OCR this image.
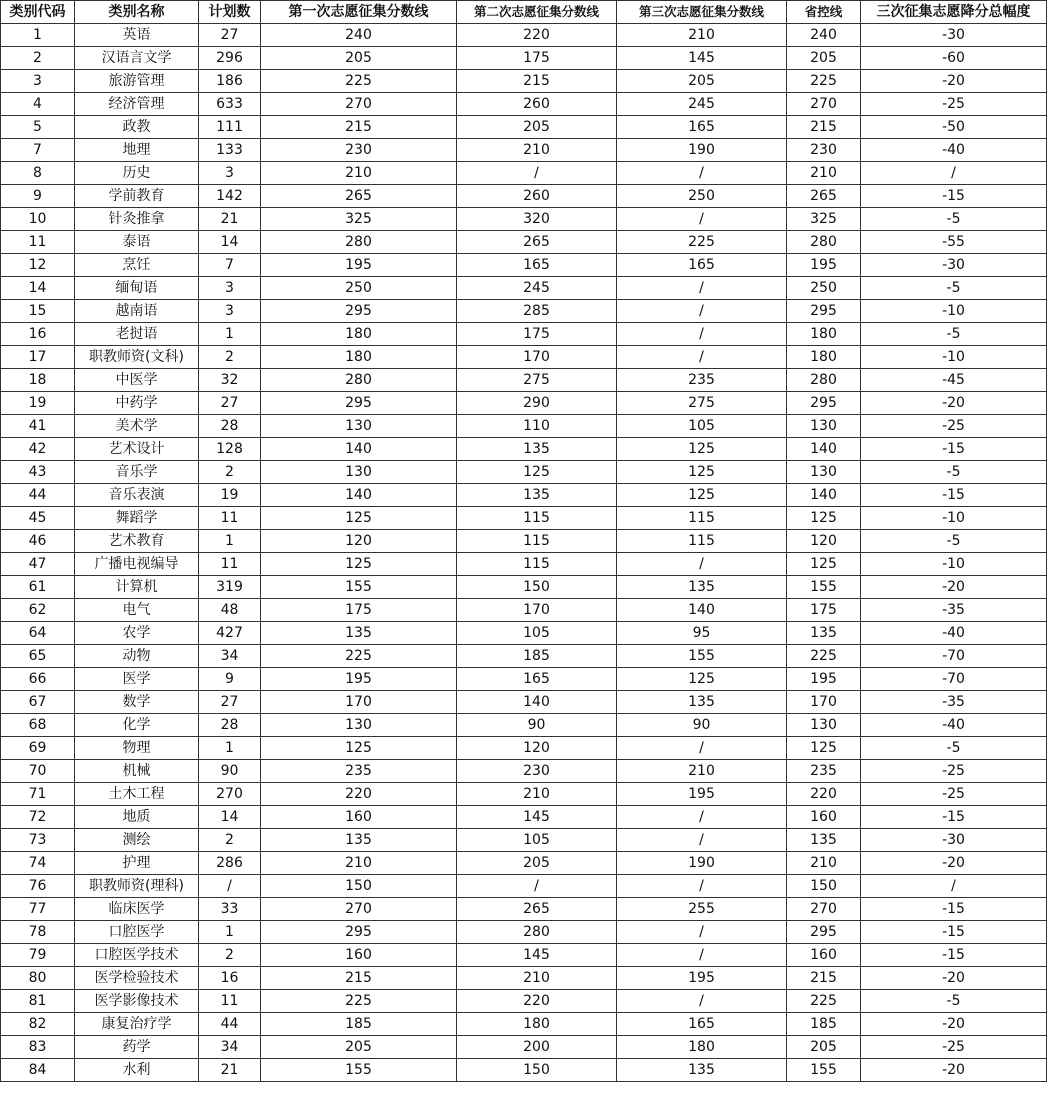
类别代码	类别名称	计划数	第一次志愿征集分数线	第二次志愿征集分数线	第三次志愿征集分数线	省控线	三次征集志愿降分总幅度
1	英语	27	240	220	210	240	-30
2	汉语言文学	296	205	175	145	205	-60
3	旅游管理	186	225	215	205	225	-20
4	经济管理	633	270	260	245	270	-25
5	政教	111	215	205	165	215	-50
7	地理	133	230	210	190	230	-40
8	历史	3	210	/	/	210	/
9	学前教育	142	265	260	250	265	-15
10	针灸推拿	21	325	320	/	325	-5
11	泰语	14	280	265	225	280	-55
12	烹饪	7	195	165	165	195	-30
14	缅甸语	3	250	245	/	250	-5
15	越南语	3	295	285	/	295	-10
16	老挝语	1	180	175	/	180	-5
17	职教师资(文科)	2	180	170	/	180	-10
18	中医学	32	280	275	235	280	-45
19	中药学	27	295	290	275	295	-20
41	美术学	28	130	110	105	130	-25
42	艺术设计	128	140	135	125	140	-15
43	音乐学	2	130	125	125	130	-5
44	音乐表演	19	140	135	125	140	-15
45	舞蹈学	11	125	115	115	125	-10
46	艺术教育	1	120	115	115	120	-5
47	广播电视编导	11	125	115	/	125	-10
61	计算机	319	155	150	135	155	-20
62	电气	48	175	170	140	175	-35
64	农学	427	135	105	95	135	-40
65	动物	34	225	185	155	225	-70
66	医学	9	195	165	125	195	-70
67	数学	27	170	140	135	170	-35
68	化学	28	130	90	90	130	-40
69	物理	1	125	120	/	125	-5
70	机械	90	235	230	210	235	-25
71	土木工程	270	220	210	195	220	-25
72	地质	14	160	145	/	160	-15
73	测绘	2	135	105	/	135	-30
74	护理	286	210	205	190	210	-20
76	职教师资(理科)	/	150	/	/	150	/
77	临床医学	33	270	265	255	270	-15
78	口腔医学	1	295	280	/	295	-15
79	口腔医学技术	2	160	145	/	160	-15
80	医学检验技术	16	215	210	195	215	-20
81	医学影像技术	11	225	220	/	225	-5
82	康复治疗学	44	185	180	165	185	-20
83	药学	34	205	200	180	205	-25
84	水利	21	155	150	135	155	-20
